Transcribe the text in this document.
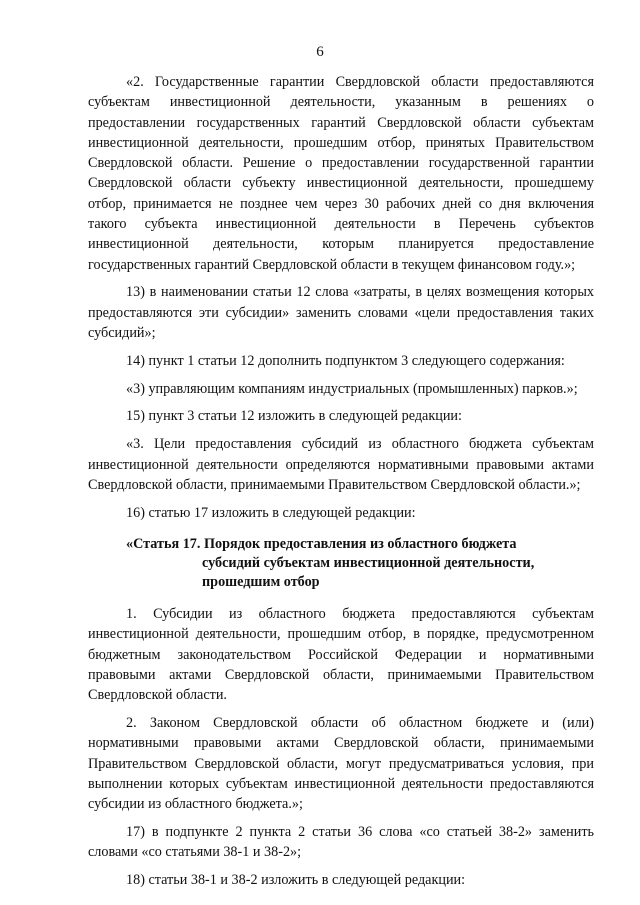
6

«2. Государственные гарантии Свердловской области предоставляются субъектам инвестиционной деятельности, указанным в решениях о предоставлении государственных гарантий Свердловской области субъектам инвестиционной деятельности, прошедшим отбор, принятых Правительством Свердловской области. Решение о предоставлении государственной гарантии Свердловской области субъекту инвестиционной деятельности, прошедшему отбор, принимается не позднее чем через 30 рабочих дней со дня включения такого субъекта инвестиционной деятельности в Перечень субъектов инвестиционной деятельности, которым планируется предоставление государственных гарантий Свердловской области в текущем финансовом году.»;

13) в наименовании статьи 12 слова «затраты, в целях возмещения которых предоставляются эти субсидии» заменить словами «цели предоставления таких субсидий»;

14) пункт 1 статьи 12 дополнить подпунктом 3 следующего содержания:

«3) управляющим компаниям индустриальных (промышленных) парков.»;

15) пункт 3 статьи 12 изложить в следующей редакции:

«3. Цели предоставления субсидий из областного бюджета субъектам инвестиционной деятельности определяются нормативными правовыми актами Свердловской области, принимаемыми Правительством Свердловской области.»;

16) статью 17 изложить в следующей редакции:

«Статья 17. Порядок предоставления из областного бюджета
субсидий субъектам инвестиционной деятельности,
прошедшим отбор

1. Субсидии из областного бюджета предоставляются субъектам инвестиционной деятельности, прошедшим отбор, в порядке, предусмотренном бюджетным законодательством Российской Федерации и нормативными правовыми актами Свердловской области, принимаемыми Правительством Свердловской области.

2. Законом Свердловской области об областном бюджете и (или) нормативными правовыми актами Свердловской области, принимаемыми Правительством Свердловской области, могут предусматриваться условия, при выполнении которых субъектам инвестиционной деятельности предоставляются субсидии из областного бюджета.»;

17) в подпункте 2 пункта 2 статьи 36 слова «со статьей 38-2» заменить словами «со статьями 38-1 и 38-2»;

18) статьи 38-1 и 38-2 изложить в следующей редакции:
